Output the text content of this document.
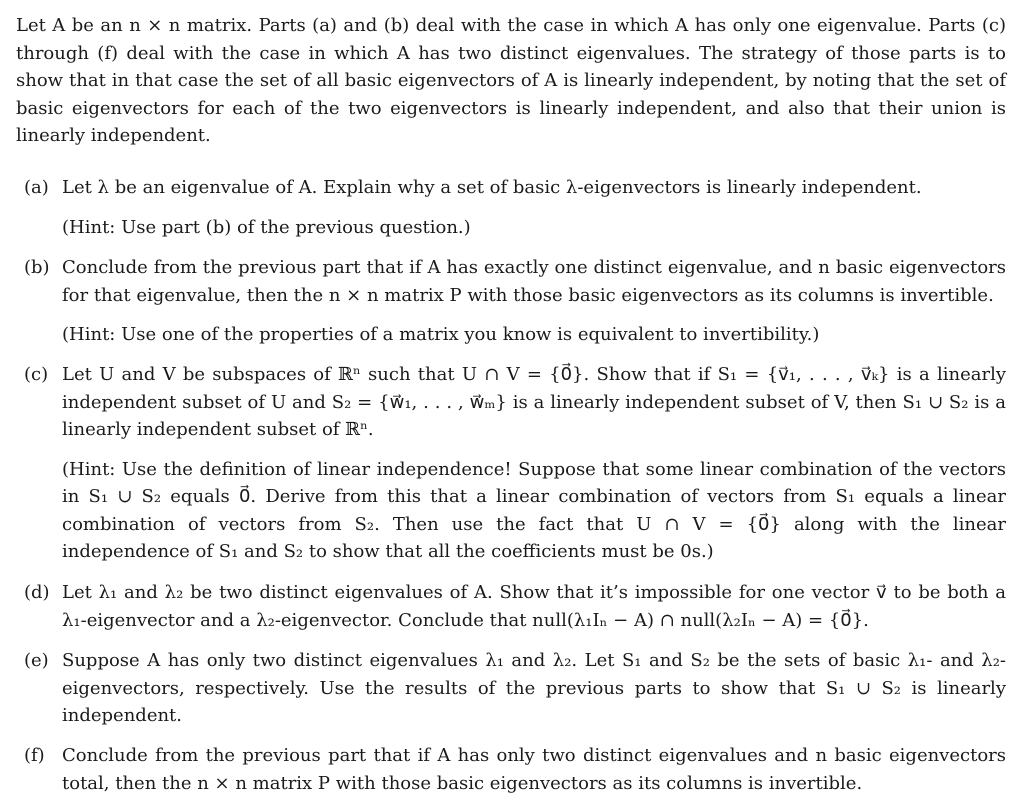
Let A be an n × n matrix. Parts (a) and (b) deal with the case in which A has only one eigenvalue. Parts (c) through (f) deal with the case in which A has two distinct eigenvalues. The strategy of those parts is to show that in that case the set of all basic eigenvectors of A is linearly independent, by noting that the set of basic eigenvectors for each of the two eigenvectors is linearly independent, and also that their union is linearly independent.

(a) Let λ be an eigenvalue of A. Explain why a set of basic λ-eigenvectors is linearly independent.

(Hint: Use part (b) of the previous question.)

(b) Conclude from the previous part that if A has exactly one distinct eigenvalue, and n basic eigenvectors for that eigenvalue, then the n × n matrix P with those basic eigenvectors as its columns is invertible.

(Hint: Use one of the properties of a matrix you know is equivalent to invertibility.)

(c) Let U and V be subspaces of ℝⁿ such that U ∩ V = {0⃗}. Show that if S₁ = {v⃗₁, . . . , v⃗ₖ} is a linearly independent subset of U and S₂ = {w⃗₁, . . . , w⃗ₘ} is a linearly independent subset of V, then S₁ ∪ S₂ is a linearly independent subset of ℝⁿ.

(Hint: Use the definition of linear independence! Suppose that some linear combination of the vectors in S₁ ∪ S₂ equals 0⃗. Derive from this that a linear combination of vectors from S₁ equals a linear combination of vectors from S₂. Then use the fact that U ∩ V = {0⃗} along with the linear independence of S₁ and S₂ to show that all the coefficients must be 0s.)

(d) Let λ₁ and λ₂ be two distinct eigenvalues of A. Show that it’s impossible for one vector v⃗ to be both a λ₁-eigenvector and a λ₂-eigenvector. Conclude that null(λ₁Iₙ − A) ∩ null(λ₂Iₙ − A) = {0⃗}.

(e) Suppose A has only two distinct eigenvalues λ₁ and λ₂. Let S₁ and S₂ be the sets of basic λ₁- and λ₂-eigenvectors, respectively. Use the results of the previous parts to show that S₁ ∪ S₂ is linearly independent.

(f) Conclude from the previous part that if A has only two distinct eigenvalues and n basic eigenvectors total, then the n × n matrix P with those basic eigenvectors as its columns is invertible.
